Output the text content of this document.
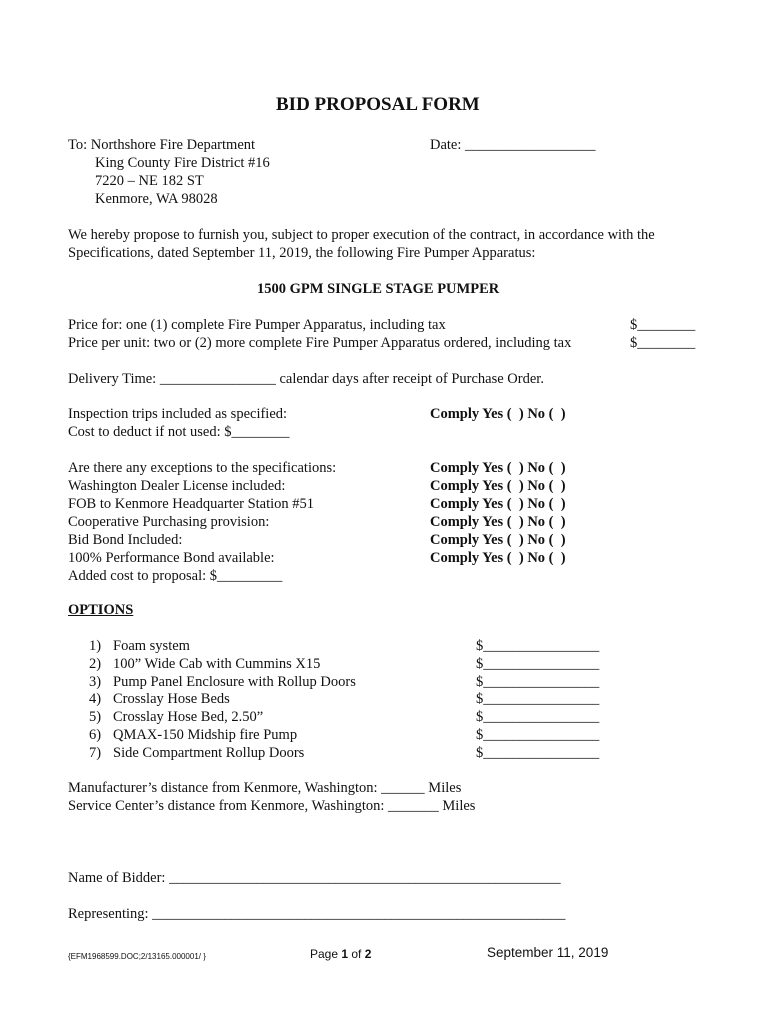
BID PROPOSAL FORM
To: Northshore Fire Department
King County Fire District #16
7220 – NE 182 ST
Kenmore, WA 98028
Date: __________________
We hereby propose to furnish you, subject to proper execution of the contract, in accordance with the
Specifications, dated September 11, 2019, the following Fire Pumper Apparatus:
1500 GPM SINGLE STAGE PUMPER
Price for: one (1) complete Fire Pumper Apparatus, including tax	$________
Price per unit: two or (2) more complete Fire Pumper Apparatus ordered, including tax	$________
Delivery Time: ________________ calendar days after receipt of Purchase Order.
Inspection trips included as specified:	Comply Yes (  ) No (  )
Cost to deduct if not used: $________
Are there any exceptions to the specifications:	Comply Yes (  ) No (  )
Washington Dealer License included:	Comply Yes (  ) No (  )
FOB to Kenmore Headquarter Station #51	Comply Yes (  ) No (  )
Cooperative Purchasing provision:	Comply Yes (  ) No (  )
Bid Bond Included:	Comply Yes (  ) No (  )
100% Performance Bond available:	Comply Yes (  ) No (  )
Added cost to proposal: $_________
OPTIONS
1) Foam system	$________________
2) 100” Wide Cab with Cummins X15	$________________
3) Pump Panel Enclosure with Rollup Doors	$________________
4) Crosslay Hose Beds	$________________
5) Crosslay Hose Bed, 2.50”	$________________
6) QMAX-150 Midship fire Pump	$________________
7) Side Compartment Rollup Doors	$________________
Manufacturer’s distance from Kenmore, Washington: ______ Miles
Service Center’s distance from Kenmore, Washington: _______ Miles
Name of Bidder: ______________________________________________________
Representing: _________________________________________________________
{EFM1968599.DOC;2/13165.000001/ }	Page 1 of 2	September 11, 2019
